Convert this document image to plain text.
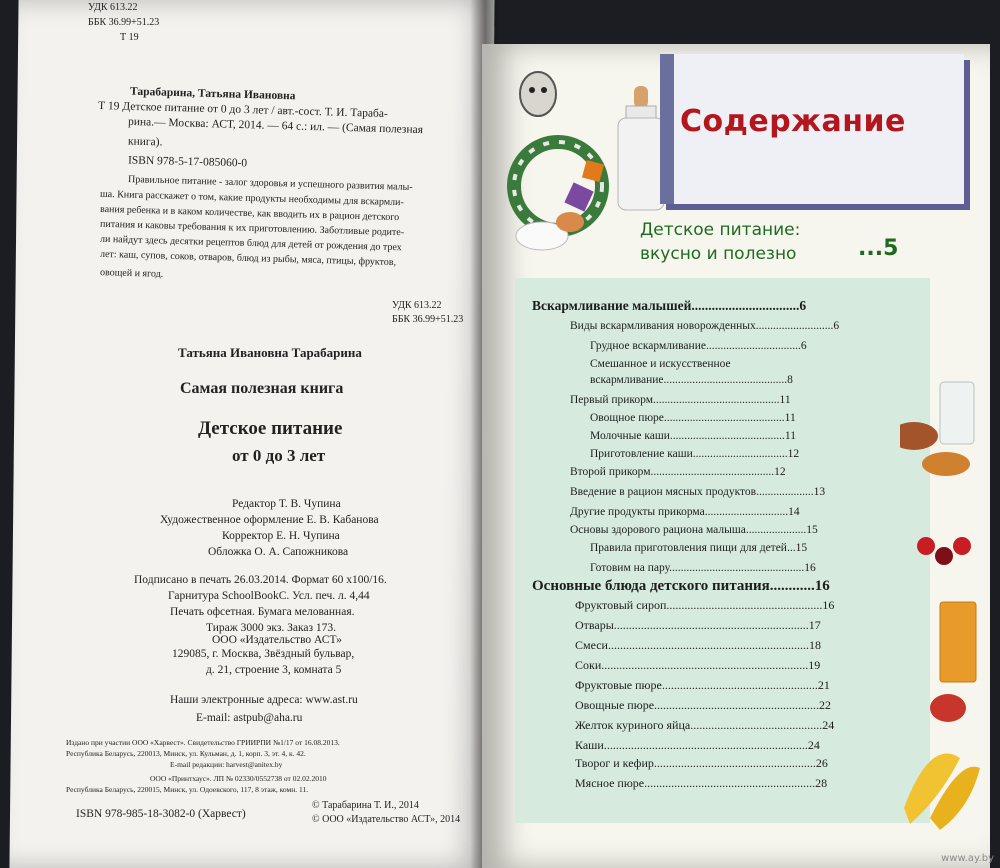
УДК 613.22
ББК 36.99+51.23
Т 19
Тарабарина, Татьяна Ивановна
Т 19 Детское питание от 0 до 3 лет / авт.-сост. Т. И. Тараба-
рина.— Москва: АСТ, 2014. — 64 с.: ил. — (Самая полезная
книга).
ISBN 978-5-17-085060-0
Правильное питание - залог здоровья и успешного развития малы-
ша. Книга расскажет о том, какие продукты необходимы для вскармли-
вания ребенка и в каком количестве, как вводить их в рацион детского
питания и каковы требования к их приготовлению. Заботливые родите-
ли найдут здесь десятки рецептов блюд для детей от рождения до трех
лет: каш, супов, соков, отваров, блюд из рыбы, мяса, птицы, фруктов,
овощей и ягод.
УДК 613.22
ББК 36.99+51.23
Татьяна Ивановна Тарабарина
Самая полезная книга
Детское питание
от 0 до 3 лет
Редактор Т. В. Чупина
Художественное оформление Е. В. Кабанова
Корректор Е. Н. Чупина
Обложка О. А. Сапожникова
Подписано в печать 26.03.2014. Формат 60 x100/16.
Гарнитура SchoolBookC. Усл. печ. л. 4,44
Печать офсетная. Бумага мелованная.
Тираж 3000 экз. Заказ 173.
ООО «Издательство АСТ»
129085, г. Москва, Звёздный бульвар,
д. 21, строение 3, комната 5
Наши электронные адреса: www.ast.ru
E-mail: astpub@aha.ru
Издано при участии ООО «Харвест». Свидетельство ГРИИРПИ №1/17 от 16.08.2013.
Республика Беларусь, 220013, Минск, ул. Кульман, д. 1, корп. 3, эт. 4, к. 42.
E-mail редакции: harvest@anitex.by
ООО «Принтхаус». ЛП № 02330/0552738 от 02.02.2010
Республика Беларусь, 220015, Минск, ул. Одоевского, 117, 8 этаж, комн. 11.
ISBN 978-985-18-3082-0 (Харвест)
© Тарабарина Т. И., 2014
© ООО «Издательство АСТ», 2014
Содержание
Детское питание:
вкусно и полезно	...5
Вскармливание малышей................................6
Виды вскармливания новорожденных...........................6
Грудное вскармливание.................................6
Смешанное и искусственное
вскармливание...........................................8
Первый прикорм............................................11
Овощное пюре..........................................11
Молочные каши........................................11
Приготовление каши.................................12
Второй прикорм...........................................12
Введение в рацион мясных продуктов....................13
Другие продукты прикорма.............................14
Основы здорового рациона малыша.....................15
Правила приготовления пищи для детей...15
Готовим на пару...............................................16
Основные блюда детского питания............16
Фруктовый сироп....................................................16
Отвары.................................................................17
Смеси...................................................................18
Соки.....................................................................19
Фруктовые пюре....................................................21
Овощные пюре.......................................................22
Желток куриного яйца............................................24
Каши....................................................................24
Творог и кефир......................................................26
Мясное пюре.........................................................28
www.ay.by
